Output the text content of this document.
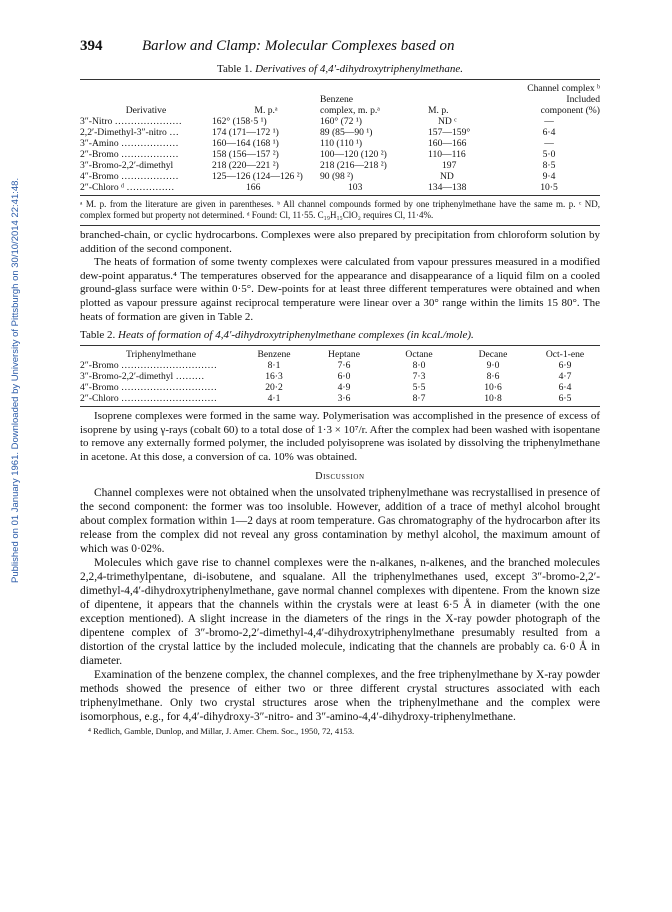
Published on 01 January 1961. Downloaded by University of Pittsburgh on 30/10/2014 22:41:48.
394	Barlow and Clamp: Molecular Complexes based on
Table 1. Derivatives of 4,4′-dihydroxytriphenylmethane.
			Channel complex ᵇ	
		Benzene		Included
Derivative	M. p.ᵃ	complex, m. p.ᵃ	M. p.	component (%)
3″-Nitro …………………	162° (158·5 ¹)	160° (72 ¹)	ND ᶜ	—
2,2′-Dimethyl-3″-nitro …	174 (171—172 ¹)	89 (85—90 ¹)	157—159°	6·4
3″-Amino ………………	160—164 (168 ¹)	110 (110 ¹)	160—166	—
2″-Bromo ………………	158 (156—157 ²)	100—120 (120 ²)	110—116	5·0
3″-Bromo-2,2′-dimethyl	218 (220—221 ²)	218 (216—218 ²)	197	8·5
4″-Bromo ………………	125—126 (124—126 ²)	90 (98 ²)	ND	9·4
2″-Chloro ᵈ ……………	166	103	134—138	10·5
ᵃ M. p. from the literature are given in parentheses. ᵇ All channel compounds formed by one triphenylmethane have the same m. p. ᶜ ND, complex formed but property not determined. ᵈ Found: Cl, 11·55. C₁₉H₁₅ClO₂ requires Cl, 11·4%.

branched-chain, or cyclic hydrocarbons. Complexes were also prepared by precipitation from chloroform solution by addition of the second component.

The heats of formation of some twenty complexes were calculated from vapour pressures measured in a modified dew-point apparatus.⁴ The temperatures observed for the appearance and disappearance of a liquid film on a cooled ground-glass surface were within 0·5°. Dew-points for at least three different temperatures were obtained and when plotted as vapour pressure against reciprocal temperature were linear over a 30° range within the limits 15 80°. The heats of formation are given in Table 2.

Table 2. Heats of formation of 4,4′-dihydroxytriphenylmethane complexes (in kcal./mole).
Triphenylmethane	Benzene	Heptane	Octane	Decane	Oct-1-ene
2″-Bromo …………………………	8·1	7·6	8·0	9·0	6·9
3″-Bromo-2,2′-dimethyl ………	16·3	6·0	7·3	8·6	4·7
4″-Bromo …………………………	20·2	4·9	5·5	10·6	6·4
2″-Chloro …………………………	4·1	3·6	8·7	10·8	6·5

Isoprene complexes were formed in the same way. Polymerisation was accomplished in the presence of excess of isoprene by using γ-rays (cobalt 60) to a total dose of 1·3 × 10⁷/r. After the complex had been washed with isopentane to remove any externally formed polymer, the included polyisoprene was isolated by dissolving the triphenylmethane in acetone. At this dose, a conversion of ca. 10% was obtained.

Discussion

Channel complexes were not obtained when the unsolvated triphenylmethane was recrystallised in presence of the second component: the former was too insoluble. However, addition of a trace of methyl alcohol brought about complex formation within 1—2 days at room temperature. Gas chromatography of the hydrocarbon after its release from the complex did not reveal any gross contamination by methyl alcohol, the maximum amount of which was 0·02%.

Molecules which gave rise to channel complexes were the n-alkanes, n-alkenes, and the branched molecules 2,2,4-trimethylpentane, di-isobutene, and squalane. All the triphenylmethanes used, except 3″-bromo-2,2′-dimethyl-4,4′-dihydroxytriphenylmethane, gave normal channel complexes with dipentene. From the known size of dipentene, it appears that the channels within the crystals were at least 6·5 Å in diameter (with the one exception mentioned). A slight increase in the diameters of the rings in the X-ray powder photograph of the dipentene complex of 3″-bromo-2,2′-dimethyl-4,4′-dihydroxytriphenylmethane presumably resulted from a distortion of the crystal lattice by the included molecule, indicating that the channels are probably ca. 6·0 Å in diameter.

Examination of the benzene complex, the channel complexes, and the free triphenylmethane by X-ray powder methods showed the presence of either two or three different crystal structures associated with each triphenylmethane. Only two crystal structures arose when the triphenylmethane and the complex were isomorphous, e.g., for 4,4′-dihydroxy-3″-nitro- and 3″-amino-4,4′-dihydroxy-triphenylmethane.

⁴ Redlich, Gamble, Dunlop, and Millar, J. Amer. Chem. Soc., 1950, 72, 4153.
